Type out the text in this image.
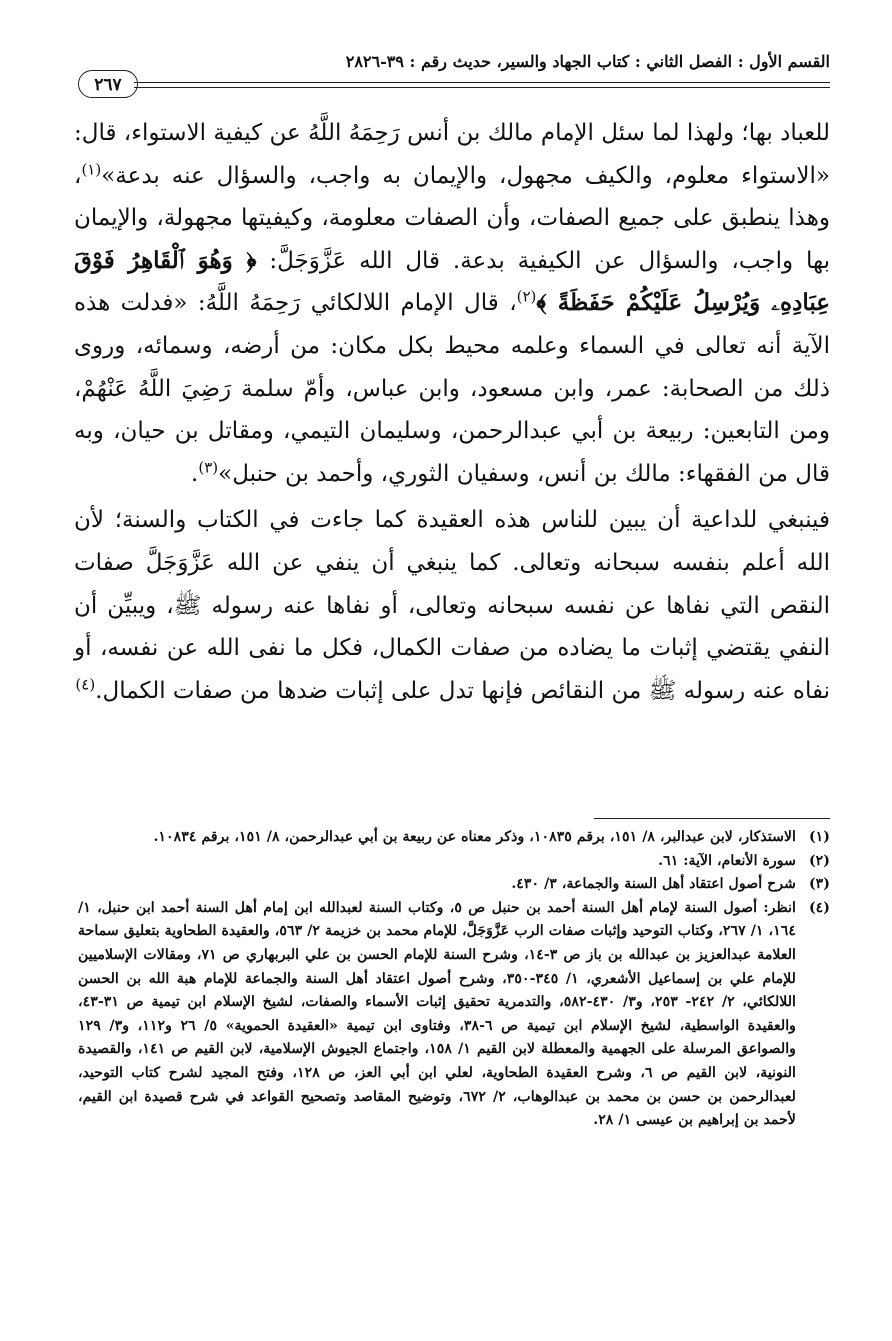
القسم الأول : الفصل الثاني : كتاب الجهاد والسير، حديث رقم : ٣٩-٢٨٢٦
٢٦٧

للعباد بها؛ ولهذا لما سئل الإمام مالك بن أنس رَحِمَهُ اللَّهُ عن كيفية الاستواء، قال: «الاستواء معلوم، والكيف مجهول، والإيمان به واجب، والسؤال عنه بدعة»$^{(١)}$، وهذا ينطبق على جميع الصفات، وأن الصفات معلومة، وكيفيتها مجهولة، والإيمان بها واجب، والسؤال عن الكيفية بدعة. قال الله عَزَّوَجَلَّ: ﴿ وَهُوَ ٱلْقَاهِرُ فَوْقَ عِبَادِهِۦ وَيُرْسِلُ عَلَيْكُمْ حَفَظَةً ﴾$^{(٢)}$، قال الإمام اللالكائي رَحِمَهُ اللَّهُ: «فدلت هذه الآية أنه تعالى في السماء وعلمه محيط بكل مكان: من أرضه، وسمائه، وروى ذلك من الصحابة: عمر، وابن مسعود، وابن عباس، وأمّ سلمة رَضِيَ اللَّهُ عَنْهُمْ، ومن التابعين: ربيعة بن أبي عبدالرحمن، وسليمان التيمي، ومقاتل بن حيان، وبه قال من الفقهاء: مالك بن أنس، وسفيان الثوري، وأحمد بن حنبل»$^{(٣)}$.

فينبغي للداعية أن يبين للناس هذه العقيدة كما جاءت في الكتاب والسنة؛ لأن الله أعلم بنفسه سبحانه وتعالى. كما ينبغي أن ينفي عن الله عَزَّوَجَلَّ صفات النقص التي نفاها عن نفسه سبحانه وتعالى، أو نفاها عنه رسوله ﷺ، ويبيِّن أن النفي يقتضي إثبات ما يضاده من صفات الكمال، فكل ما نفى الله عن نفسه، أو نفاه عنه رسوله ﷺ من النقائص فإنها تدل على إثبات ضدها من صفات الكمال.$^{(٤)}$

(١)
الاستذكار، لابن عبدالبر، ٨/ ١٥١، برقم ١٠٨٣٥، وذكر معناه عن ربيعة بن أبي عبدالرحمن، ٨/ ١٥١، برقم ١٠٨٣٤.

(٢)
سورة الأنعام، الآية: ٦١.

(٣)
شرح أصول اعتقاد أهل السنة والجماعة، ٣/ ٤٣٠.

(٤)
انظر: أصول السنة لإمام أهل السنة أحمد بن حنبل ص ٥، وكتاب السنة لعبدالله ابن إمام أهل السنة أحمد ابن حنبل، ١/ ١٦٤، ١/ ٢٦٧، وكتاب التوحيد وإثبات صفات الرب عَزَّوَجَلَّ، للإمام محمد بن خزيمة ٢/ ٥٦٣، والعقيدة الطحاوية بتعليق سماحة العلامة عبدالعزيز بن عبدالله بن باز ص ٣-١٤، وشرح السنة للإمام الحسن بن علي البربهاري ص ٧١، ومقالات الإسلاميين للإمام علي بن إسماعيل الأشعري، ١/ ٣٤٥-٣٥٠، وشرح أصول اعتقاد أهل السنة والجماعة للإمام هبة الله بن الحسن اللالكائي، ٢/ ٢٤٢- ٢٥٣، و٣/ ٤٣٠-٥٨٢، والتدمرية تحقيق إثبات الأسماء والصفات، لشيخ الإسلام ابن تيمية ص ٣١-٤٣، والعقيدة الواسطية، لشيخ الإسلام ابن تيمية ص ٦-٣٨، وفتاوى ابن تيمية «العقيدة الحموية» ٥/ ٢٦ و١١٢، و٣/ ١٢٩ والصواعق المرسلة على الجهمية والمعطلة لابن القيم ١/ ١٥٨، واجتماع الجيوش الإسلامية، لابن القيم ص ١٤١، والقصيدة النونية، لابن القيم ص ٦، وشرح العقيدة الطحاوية، لعلي ابن أبي العز، ص ١٢٨، وفتح المجيد لشرح كتاب التوحيد، لعبدالرحمن بن حسن بن محمد بن عبدالوهاب، ٢/ ٦٧٢، وتوضيح المقاصد وتصحيح القواعد في شرح قصيدة ابن القيم، لأحمد بن إبراهيم بن عيسى ١/ ٢٨.
